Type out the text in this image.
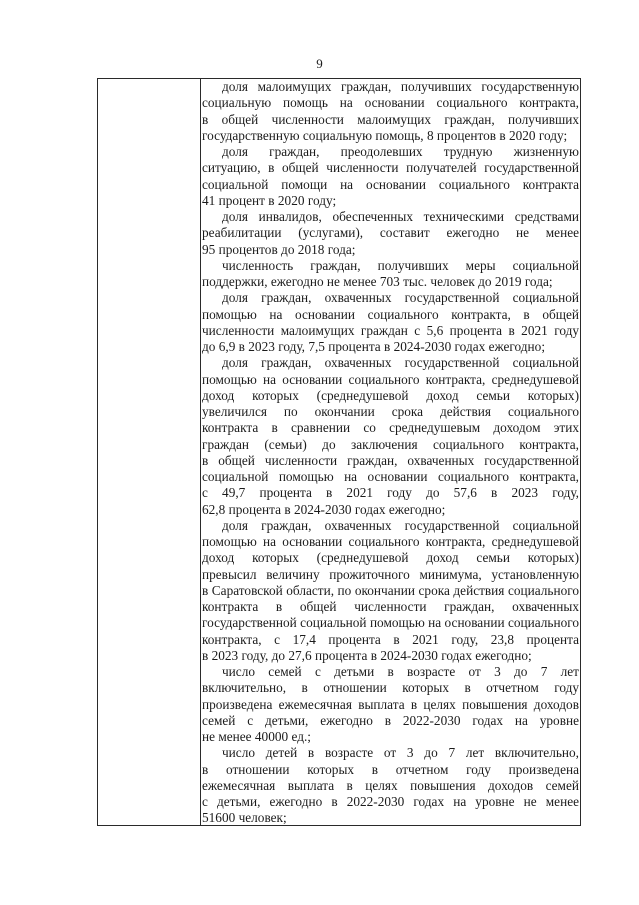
9
доля малоимущих граждан, получивших государственную
социальную помощь на основании социального контракта,
в общей численности малоимущих граждан, получивших
государственную социальную помощь, 8 процентов в 2020 году;
доля граждан, преодолевших трудную жизненную
ситуацию, в общей численности получателей государственной
социальной помощи на основании социального контракта
41 процент в 2020 году;
доля инвалидов, обеспеченных техническими средствами
реабилитации (услугами), составит ежегодно не менее
95 процентов до 2018 года;
численность граждан, получивших меры социальной
поддержки, ежегодно не менее 703 тыс. человек до 2019 года;
доля граждан, охваченных государственной социальной
помощью на основании социального контракта, в общей
численности малоимущих граждан с 5,6 процента в 2021 году
до 6,9 в 2023 году, 7,5 процента в 2024-2030 годах ежегодно;
доля граждан, охваченных государственной социальной
помощью на основании социального контракта, среднедушевой
доход которых (среднедушевой доход семьи которых)
увеличился по окончании срока действия социального
контракта в сравнении со среднедушевым доходом этих
граждан (семьи) до заключения социального контракта,
в общей численности граждан, охваченных государственной
социальной помощью на основании социального контракта,
с 49,7 процента в 2021 году до 57,6 в 2023 году,
62,8 процента в 2024-2030 годах ежегодно;
доля граждан, охваченных государственной социальной
помощью на основании социального контракта, среднедушевой
доход которых (среднедушевой доход семьи которых)
превысил величину прожиточного минимума, установленную
в Саратовской области, по окончании срока действия социального
контракта в общей численности граждан, охваченных
государственной социальной помощью на основании социального
контракта, с 17,4 процента в 2021 году, 23,8 процента
в 2023 году, до 27,6 процента в 2024-2030 годах ежегодно;
число семей с детьми в возрасте от 3 до 7 лет
включительно, в отношении которых в отчетном году
произведена ежемесячная выплата в целях повышения доходов
семей с детьми, ежегодно в 2022-2030 годах на уровне
не менее 40000 ед.;
число детей в возрасте от 3 до 7 лет включительно,
в отношении которых в отчетном году произведена
ежемесячная выплата в целях повышения доходов семей
с детьми, ежегодно в 2022-2030 годах на уровне не менее
51600 человек;
